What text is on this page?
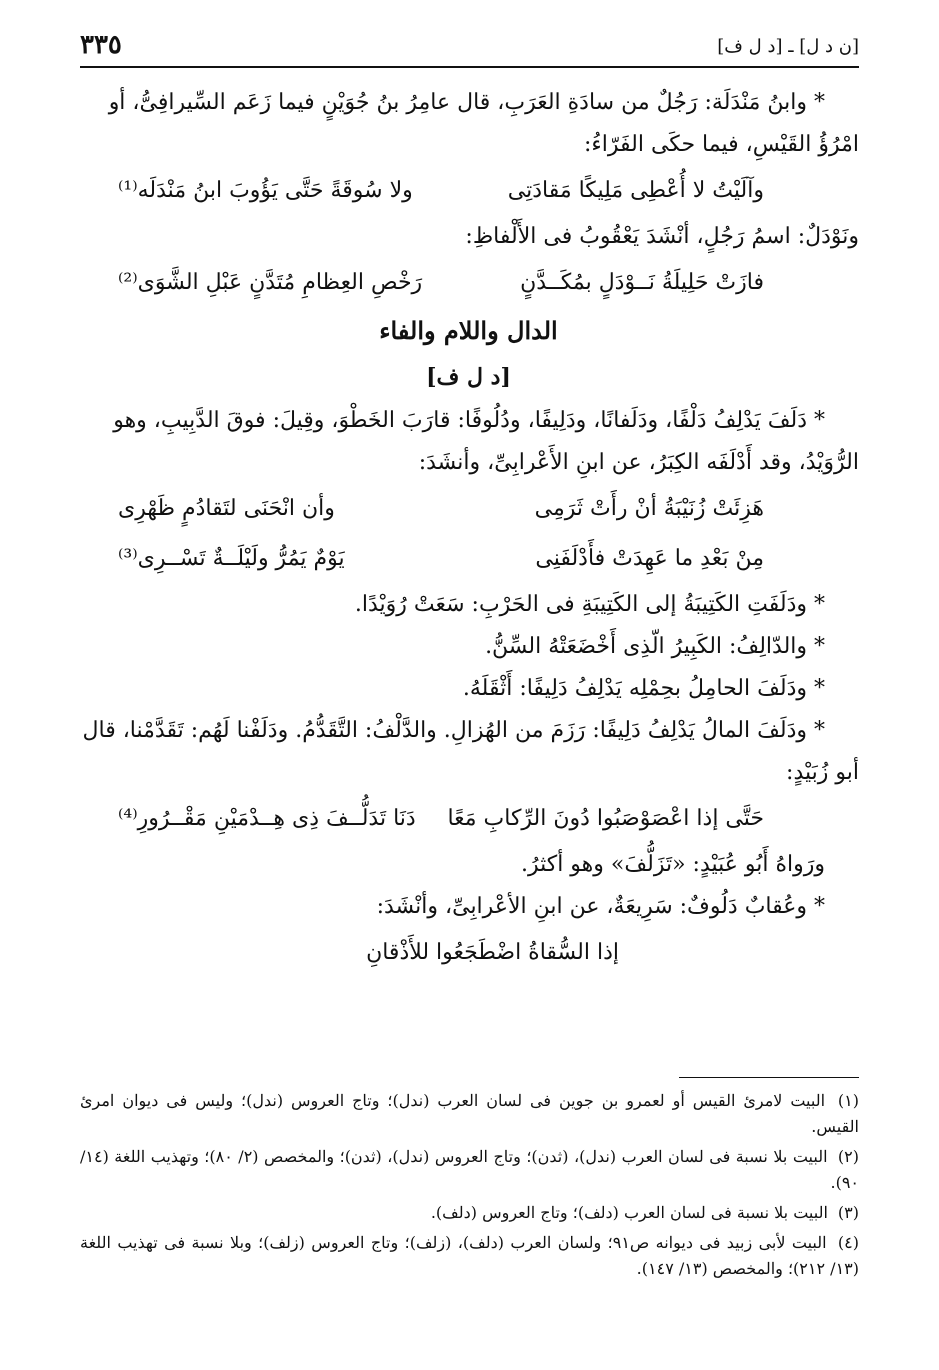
٣٣٥	[ن د ل] ـ [د ل ف]
* وابنُ مَنْدَلَة: رَجُلٌ من سادَةِ العَرَبِ، قال عامِرُ بنُ جُوَيْنٍ فيما زَعَم السِّيرافِىُّ، أو
امْرُؤُ القَيْسِ، فيما حكَى الفَرّاءُ:
وآلَيْتُ لا أُعْطِى مَلِيكًا مَقادَتِى
ولا سُوقَةً حَتَّى يَؤُوبَ ابنُ مَنْدَلَه⁽¹⁾
ونَوْدَلٌ: اسمُ رَجُلٍ، أنْشَدَ يَعْقُوبُ فى الأَلْفاظِ:
فازَتْ حَلِيلَةُ نَــوْدَلٍ بمُكَــدَّنٍ
رَخْصِ العِظامِ مُتَدَّنٍ عَبْلِ الشَّوَى⁽²⁾
الدال واللام والفاء
[د ل ف]
* دَلَفَ يَدْلِفُ دَلْفًا، ودَلَفانًا، ودَلِيفًا، ودُلُوفًا: قارَبَ الخَطْوَ، وقِيلَ: فوقَ الدَّبِيبِ، وهو
الرُّوَيْدُ، وقد أَدْلَفَه الكِبَرُ، عن ابنِ الأَعْرابِىِّ، وأنشَدَ:
هَزِئَتْ زُنَيْبَةُ أنْ رأَتْ ثَرَمِى
وأن انْحَنَى لتَقادُمٍ ظَهْرِى
مِنْ بَعْدِ ما عَهِدَتْ فأَدْلَفَنِى
يَوْمٌ يَمُرُّ ولَيْلَــةٌ تَسْــرِى⁽³⁾
* ودَلَفَتِ الكَتِيبَةُ إلى الكَتِيبَةِ فى الحَرْبِ: سَعَتْ رُوَيْدًا.
* والدّالِفُ: الكَبِيرُ الّذِى أَخْضَعَتْهُ السِّنُّ.
* ودَلَفَ الحامِلُ بحِمْلِه يَدْلِفُ دَلِيفًا: أَثْقَلَهُ.
* ودَلَفَ المالُ يَدْلِفُ دَلِيفًا: رَزَمَ من الهُزالِ. والدَّلْفُ: التَّقَدُّمُ. ودَلَفْنا لَهُم: تَقَدَّمْنا، قال
أبو زُبَيْدٍ:
حَتَّى إذا اعْصَوْصَبُوا دُونَ الرِّكابِ مَعًا
دَنَا تَدَلُّــفَ ذِى هِــدْمَيْنِ مَقْــرُورِ⁽⁴⁾
ورَواهُ أَبُو عُبَيْدٍ: «تَزَلُّفَ» وهو أكثرُ.
* وعُقابٌ دَلُوفٌ: سَرِيعَةٌ، عن ابنِ الأعْرابِىِّ، وأنْشَدَ:
إذا السُّقاةُ اضْطَجَعُوا للأَذْقانِ
(١) البيت لامرئ القيس أو لعمرو بن جوين فى لسان العرب (ندل)؛ وتاج العروس (ندل)؛ وليس فى ديوان امرئ القيس.
(٢) البيت بلا نسبة فى لسان العرب (ندل)، (ثدن)؛ وتاج العروس (ندل)، (ثدن)؛ والمخصص (٢/ ٨٠)؛ وتهذيب اللغة (١٤/ ٩٠).
(٣) البيت بلا نسبة فى لسان العرب (دلف)؛ وتاج العروس (دلف).
(٤) البيت لأبى زبيد فى ديوانه ص٩١؛ ولسان العرب (دلف)، (زلف)؛ وتاج العروس (زلف)؛ وبلا نسبة فى تهذيب اللغة (١٣/ ٢١٢)؛ والمخصص (١٣/ ١٤٧).
